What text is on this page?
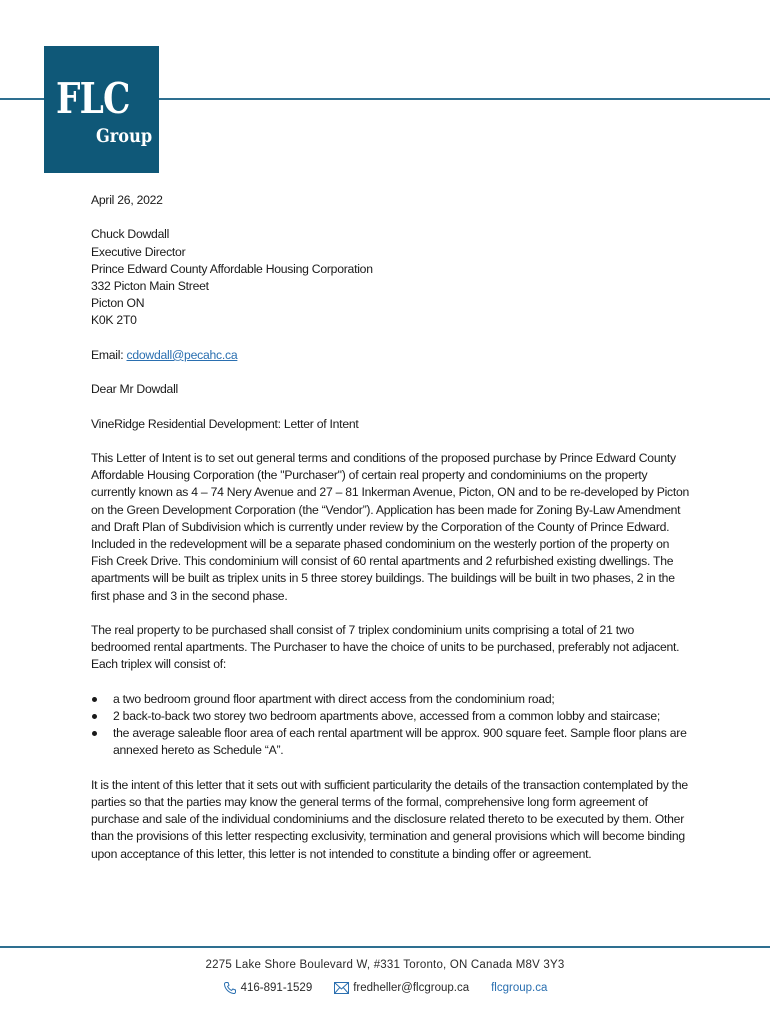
FLC
Group

April 26, 2022

Chuck Dowdall

Executive Director

Prince Edward County Affordable Housing Corporation

332 Picton Main Street

Picton ON

K0K 2T0

Email: cdowdall@pecahc.ca

Dear Mr Dowdall

VineRidge Residential Development: Letter of Intent

This Letter of Intent is to set out general terms and conditions of the proposed purchase by Prince Edward County Affordable Housing Corporation (the "Purchaser") of certain real property and condominiums on the property currently known as 4 – 74 Nery Avenue and 27 – 81 Inkerman Avenue, Picton, ON and to be re-developed by Picton on the Green Development Corporation (the “Vendor”). Application has been made for Zoning By-Law Amendment and Draft Plan of Subdivision which is currently under review by the Corporation of the County of Prince Edward. Included in the redevelopment will be a separate phased condominium on the westerly portion of the property on Fish Creek Drive. This condominium will consist of 60 rental apartments and 2 refurbished existing dwellings. The apartments will be built as triplex units in 5 three storey buildings. The buildings will be built in two phases, 2 in the first phase and 3 in the second phase.

The real property to be purchased shall consist of 7 triplex condominium units comprising a total of 21 two bedroomed rental apartments. The Purchaser to have the choice of units to be purchased, preferably not adjacent. Each triplex will consist of:

a two bedroom ground floor apartment with direct access from the condominium road;
2 back-to-back two storey two bedroom apartments above, accessed from a common lobby and staircase;
the average saleable floor area of each rental apartment will be approx. 900 square feet. Sample floor plans are annexed hereto as Schedule “A”.

It is the intent of this letter that it sets out with sufficient particularity the details of the transaction contemplated by the parties so that the parties may know the general terms of the formal, comprehensive long form agreement of purchase and sale of the individual condominiums and the disclosure related thereto to be executed by them. Other than the provisions of this letter respecting exclusivity, termination and general provisions which will become binding upon acceptance of this letter, this letter is not intended to constitute a binding offer or agreement.

2275 Lake Shore Boulevard W, #331 Toronto, ON Canada M8V 3Y3
416-891-1529	fredheller@flcgroup.ca flcgroup.ca
